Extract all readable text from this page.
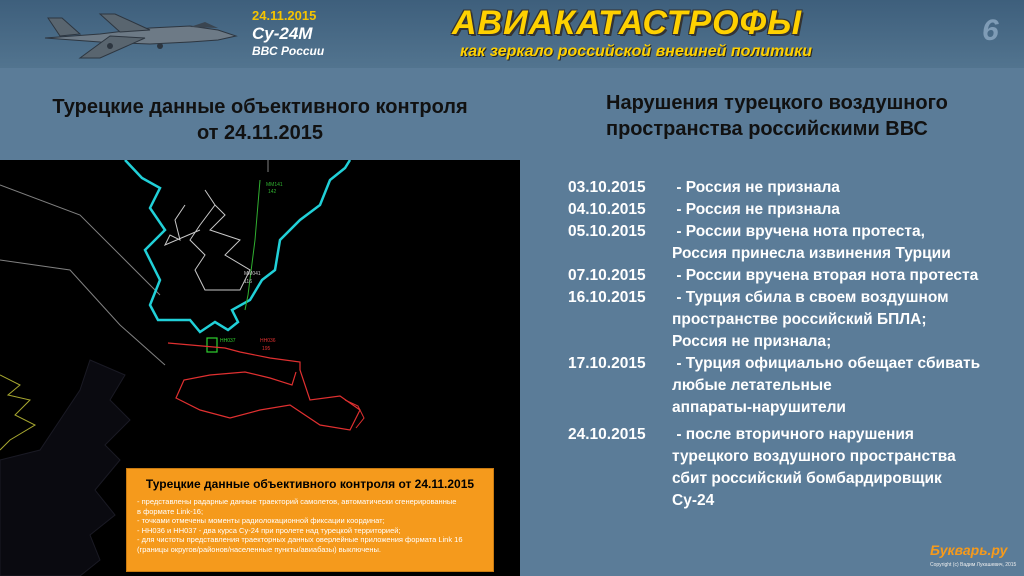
24.11.2015
Су-24М
ВВС России
АВИАКАТАСТРОФЫ
как зеркало российской внешней политики
6
Турецкие данные объективного контроля
от 24.11.2015
Нарушения турецкого воздушного
пространства российскими ВВС
MM141
142
MM041
116
HH036
HH037
195
Турецкие данные объективного контроля от 24.11.2015
- представлены радарные данные траекторий самолетов, автоматически сгенерированные
в формате Link-16;
- точками отмечены моменты радиолокационной фиксации координат;
- НН036 и НН037 - два курса Су-24 при пролете над турецкой территорией;
- для чистоты представления траекторных данных оверлейные приложения формата Link 16
(границы округов/районов/населенные пункты/авиабазы) выключены.
03.10.2015 - Россия не признала
04.10.2015 - Россия не признала
05.10.2015 - России вручена нота протеста,
Россия принесла извинения Турции
07.10.2015 - России вручена вторая нота протеста
16.10.2015 - Турция сбила в своем воздушном
пространстве российский БПЛА;
Россия не признала;
17.10.2015 - Турция официально обещает сбивать
любые летательные
аппараты-нарушители
24.10.2015 - после вторичного нарушения
турецкого воздушного пространства
сбит российский бомбардировщик
Су-24
Букварь.ру
Copyright (c) Вадим Лукашевич, 2015
